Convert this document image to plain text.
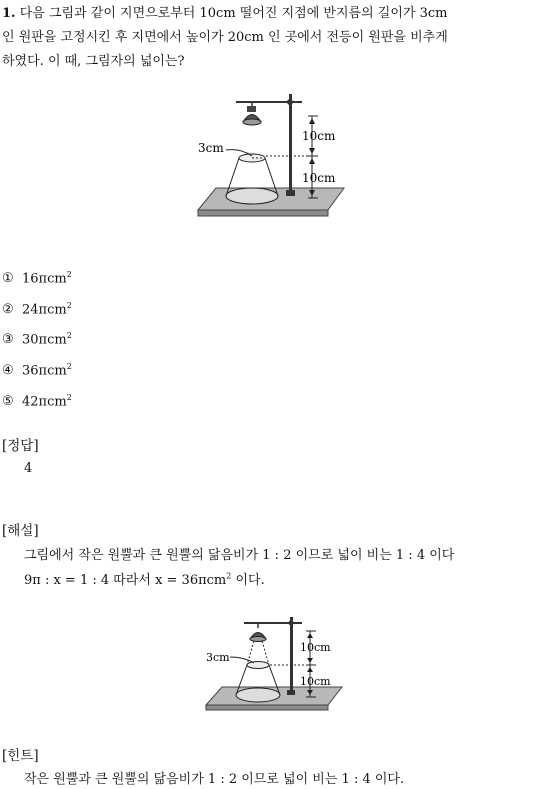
1. 다음 그림과 같이 지면으로부터 10cm 떨어진 지점에 반지름의 길이가 3cm
인 원판을 고정시킨 후 지면에서 높이가 20cm 인 곳에서 전등이 원판을 비추게
하였다. 이 때, 그림자의 넓이는?
3cm
10cm
10cm
① 16πcm$^2$
② 24πcm$^2$
③ 30πcm$^2$
④ 36πcm$^2$
⑤ 42πcm$^2$
[정답]
4
[해설]
그림에서 작은 원뿔과 큰 원뿔의 닮음비가 1 : 2 이므로 넓이 비는 1 : 4 이다
9π : x = 1 : 4 따라서 x = 36πcm$^2$ 이다.
3cm
10cm
10cm
[힌트]
작은 원뿔과 큰 원뿔의 닮음비가 1 : 2 이므로 넓이 비는 1 : 4 이다.
